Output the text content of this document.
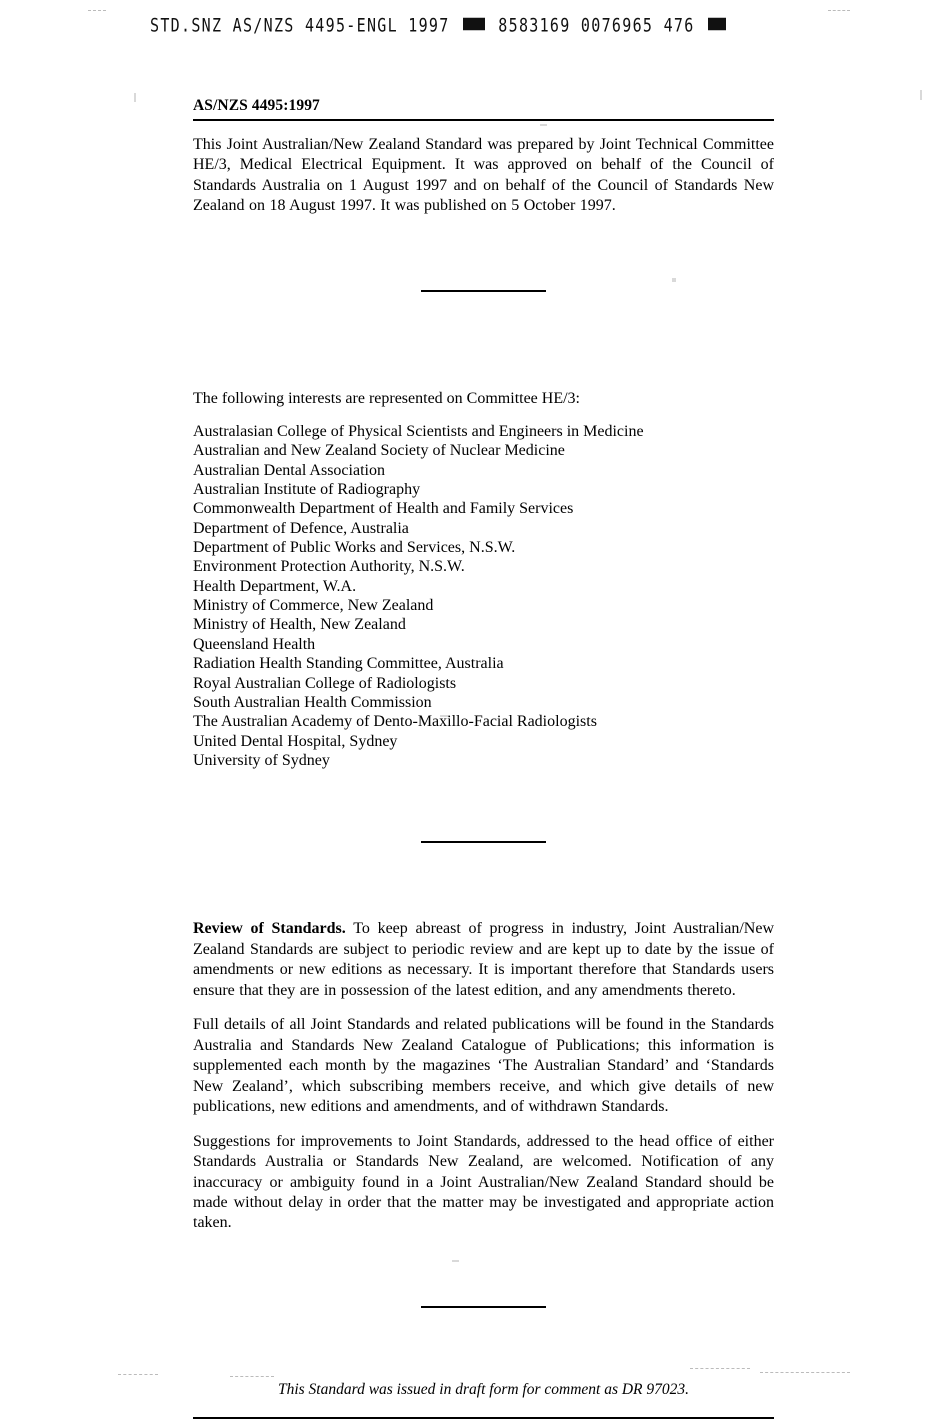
STD.SNZ AS/NZS 4495-ENGL 1997	8583169 0076965 476
AS/NZS 4495:1997

This Joint Australian/New Zealand Standard was prepared by Joint Technical Committee HE/3, Medical Electrical Equipment. It was approved on behalf of the Council of Standards Australia on 1 August 1997 and on behalf of the Council of Standards New Zealand on 18 August 1997. It was published on 5 October 1997.

The following interests are represented on Committee HE/3:

Australasian College of Physical Scientists and Engineers in Medicine
Australian and New Zealand Society of Nuclear Medicine
Australian Dental Association
Australian Institute of Radiography
Commonwealth Department of Health and Family Services
Department of Defence, Australia
Department of Public Works and Services, N.S.W.
Environment Protection Authority, N.S.W.
Health Department, W.A.
Ministry of Commerce, New Zealand
Ministry of Health, New Zealand
Queensland Health
Radiation Health Standing Committee, Australia
Royal Australian College of Radiologists
South Australian Health Commission
The Australian Academy of Dento-Maxillo-Facial Radiologists
United Dental Hospital, Sydney
University of Sydney

Review of Standards. To keep abreast of progress in industry, Joint Australian/New Zealand Standards are subject to periodic review and are kept up to date by the issue of amendments or new editions as necessary. It is important therefore that Standards users ensure that they are in possession of the latest edition, and any amendments thereto.

Full details of all Joint Standards and related publications will be found in the Standards Australia and Standards New Zealand Catalogue of Publications; this information is supplemented each month by the magazines ‘The Australian Standard’ and ‘Standards New Zealand’, which subscribing members receive, and which give details of new publications, new editions and amendments, and of withdrawn Standards.

Suggestions for improvements to Joint Standards, addressed to the head office of either Standards Australia or Standards New Zealand, are welcomed. Notification of any inaccuracy or ambiguity found in a Joint Australian/New Zealand Standard should be made without delay in order that the matter may be investigated and appropriate action taken.

This Standard was issued in draft form for comment as DR 97023.
